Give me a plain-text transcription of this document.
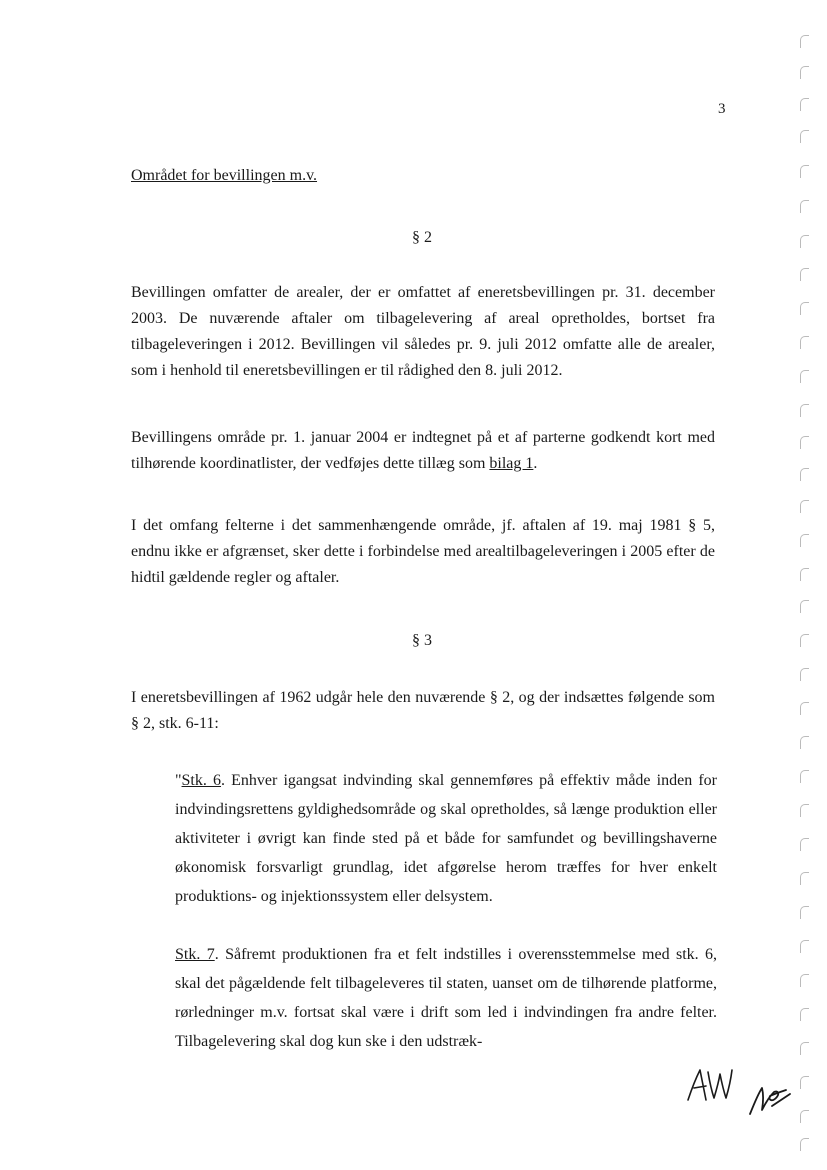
3
Området for bevillingen m.v.
§ 2

Bevillingen omfatter de arealer, der er omfattet af eneretsbevillingen pr. 31. december 2003. De nuværende aftaler om tilbagelevering af areal opretholdes, bortset fra tilbageleveringen i 2012. Bevillingen vil således pr. 9. juli 2012 omfatte alle de arealer, som i henhold til eneretsbevillingen er til rådighed den 8. juli 2012.

Bevillingens område pr. 1. januar 2004 er indtegnet på et af parterne godkendt kort med tilhørende koordinatlister, der vedføjes dette tillæg som bilag 1.

I det omfang felterne i det sammenhængende område, jf. aftalen af 19. maj 1981 § 5, endnu ikke er afgrænset, sker dette i forbindelse med arealtilbageleveringen i 2005 efter de hidtil gældende regler og aftaler.

§ 3

I eneretsbevillingen af 1962 udgår hele den nuværende § 2, og der indsættes følgende som § 2, stk. 6-11:

"Stk. 6. Enhver igangsat indvinding skal gennemføres på effektiv måde inden for indvindingsrettens gyldighedsområde og skal opretholdes, så længe produktion eller aktiviteter i øvrigt kan finde sted på et både for samfundet og bevillingshaverne økonomisk forsvarligt grundlag, idet afgørelse herom træffes for hver enkelt produktions- og injektionssystem eller delsystem.

Stk. 7. Såfremt produktionen fra et felt indstilles i overensstemmelse med stk. 6, skal det pågældende felt tilbageleveres til staten, uanset om de tilhørende platforme, rørledninger m.v. fortsat skal være i drift som led i indvindingen fra andre felter. Tilbagelevering skal dog kun ske i den udstræk-
